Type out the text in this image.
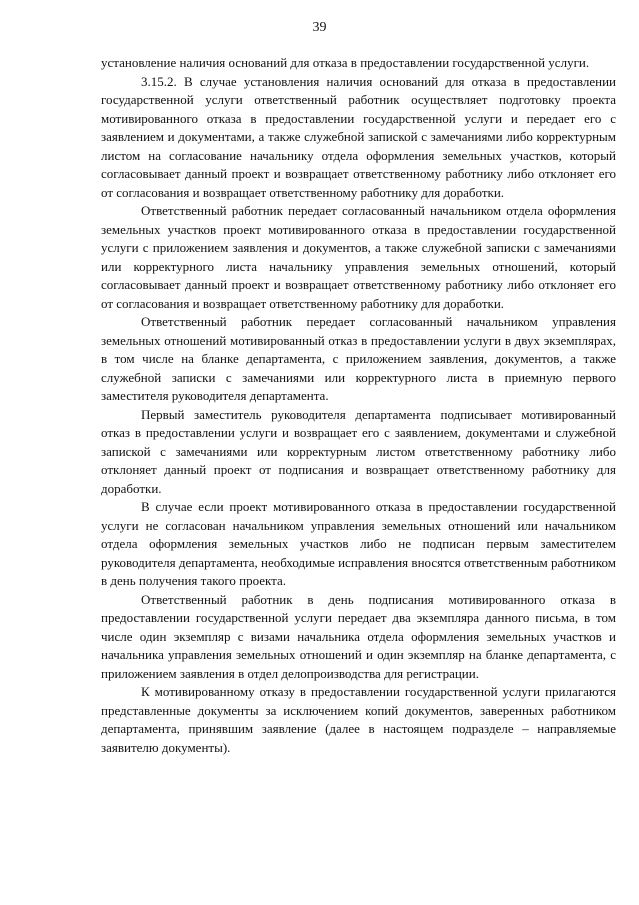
39

установление наличия оснований для отказа в предоставлении государственной услуги.

3.15.2. В случае установления наличия оснований для отказа в предоставлении государственной услуги ответственный работник осуществляет подготовку проекта мотивированного отказа в предоставлении государственной услуги и передает его с заявлением и документами, а также служебной запиской с замечаниями либо корректурным листом на согласование начальнику отдела оформления земельных участков, который согласовывает данный проект и возвращает ответственному работнику либо отклоняет его от согласования и возвращает ответственному работнику для доработки.

Ответственный работник передает согласованный начальником отдела оформления земельных участков проект мотивированного отказа в предоставлении государственной услуги с приложением заявления и документов, а также служебной записки с замечаниями или корректурного листа начальнику управления земельных отношений, который согласовывает данный проект и возвращает ответственному работнику либо отклоняет его от согласования и возвращает ответственному работнику для доработки.

Ответственный работник передает согласованный начальником управления земельных отношений мотивированный отказ в предоставлении услуги в двух экземплярах, в том числе на бланке департамента, с приложением заявления, документов, а также служебной записки с замечаниями или корректурного листа в приемную первого заместителя руководителя департамента.

Первый заместитель руководителя департамента подписывает мотивированный отказ в предоставлении услуги и возвращает его с заявлением, документами и служебной запиской с замечаниями или корректурным листом ответственному работнику либо отклоняет данный проект от подписания и возвращает ответственному работнику для доработки.

В случае если проект мотивированного отказа в предоставлении государственной услуги не согласован начальником управления земельных отношений или начальником отдела оформления земельных участков либо не подписан первым заместителем руководителя департамента, необходимые исправления вносятся ответственным работником в день получения такого проекта.

Ответственный работник в день подписания мотивированного отказа в предоставлении государственной услуги передает два экземпляра данного письма, в том числе один экземпляр с визами начальника отдела оформления земельных участков и начальника управления земельных отношений и один экземпляр на бланке департамента, с приложением заявления в отдел делопроизводства для регистрации.

К мотивированному отказу в предоставлении государственной услуги прилагаются представленные документы за исключением копий документов, заверенных работником департамента, принявшим заявление (далее в настоящем подразделе – направляемые заявителю документы).
